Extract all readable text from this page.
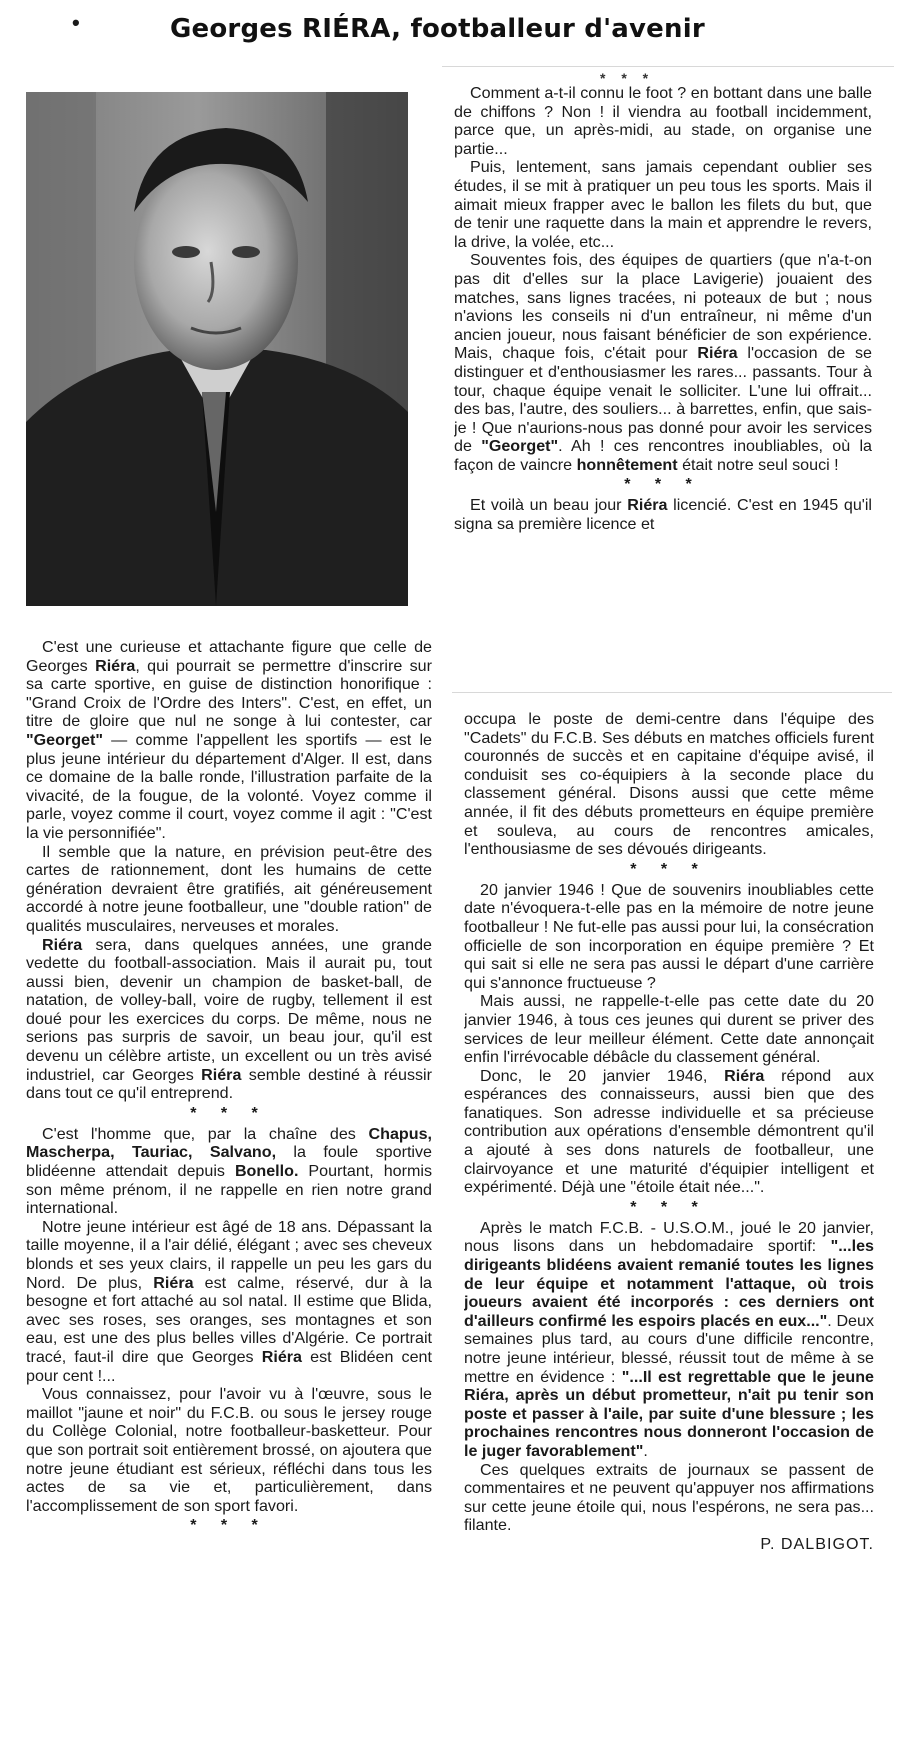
•	Georges RIÉRA, footballeur d'avenir
* * *

C'est une curieuse et attachante figure que celle de Georges Riéra, qui pourrait se permettre d'inscrire sur sa carte sportive, en guise de distinction honorifique : "Grand Croix de l'Ordre des Inters". C'est, en effet, un titre de gloire que nul ne songe à lui contester, car "Georget" — comme l'appellent les sportifs — est le plus jeune intérieur du département d'Alger. Il est, dans ce domaine de la balle ronde, l'illustration parfaite de la vivacité, de la fougue, de la volonté. Voyez comme il parle, voyez comme il court, voyez comme il agit : "C'est la vie personnifiée".

Il semble que la nature, en prévision peut-être des cartes de rationnement, dont les humains de cette génération devraient être gratifiés, ait généreusement accordé à notre jeune footballeur, une "double ration" de qualités musculaires, nerveuses et morales.

Riéra sera, dans quelques années, une grande vedette du football-association. Mais il aurait pu, tout aussi bien, devenir un champion de basket-ball, de natation, de volley-ball, voire de rugby, tellement il est doué pour les exercices du corps. De même, nous ne serions pas surpris de savoir, un beau jour, qu'il est devenu un célèbre artiste, un excellent ou un très avisé industriel, car Georges Riéra semble destiné à réussir dans tout ce qu'il entreprend.

* * *

C'est l'homme que, par la chaîne des Chapus, Mascherpa, Tauriac, Salvano, la foule sportive blidéenne attendait depuis Bonello. Pourtant, hormis son même prénom, il ne rappelle en rien notre grand international.

Notre jeune intérieur est âgé de 18 ans. Dépassant la taille moyenne, il a l'air délié, élégant ; avec ses cheveux blonds et ses yeux clairs, il rappelle un peu les gars du Nord. De plus, Riéra est calme, réservé, dur à la besogne et fort attaché au sol natal. Il estime que Blida, avec ses roses, ses oranges, ses montagnes et son eau, est une des plus belles villes d'Algérie. Ce portrait tracé, faut-il dire que Georges Riéra est Blidéen cent pour cent !...

Vous connaissez, pour l'avoir vu à l'œuvre, sous le maillot "jaune et noir" du F.C.B. ou sous le jersey rouge du Collège Colonial, notre footballeur-basketteur. Pour que son portrait soit entièrement brossé, on ajoutera que notre jeune étudiant est sérieux, réfléchi dans tous les actes de sa vie et, particulièrement, dans l'accomplissement de son sport favori.

* * *

Comment a-t-il connu le foot ? en bottant dans une balle de chiffons ? Non ! il viendra au football incidemment, parce que, un après-midi, au stade, on organise une partie...

Puis, lentement, sans jamais cependant oublier ses études, il se mit à pratiquer un peu tous les sports. Mais il aimait mieux frapper avec le ballon les filets du but, que de tenir une raquette dans la main et apprendre le revers, la drive, la volée, etc...

Souventes fois, des équipes de quartiers (que n'a-t-on pas dit d'elles sur la place Lavigerie) jouaient des matches, sans lignes tracées, ni poteaux de but ; nous n'avions les conseils ni d'un entraîneur, ni même d'un ancien joueur, nous faisant bénéficier de son expérience. Mais, chaque fois, c'était pour Riéra l'occasion de se distinguer et d'enthousiasmer les rares... passants. Tour à tour, chaque équipe venait le solliciter. L'une lui offrait... des bas, l'autre, des souliers... à barrettes, enfin, que sais-je ! Que n'aurions-nous pas donné pour avoir les services de "Georget". Ah ! ces rencontres inoubliables, où la façon de vaincre honnêtement était notre seul souci !

* * *

Et voilà un beau jour Riéra licencié. C'est en 1945 qu'il signa sa première licence et

occupa le poste de demi-centre dans l'équipe des "Cadets" du F.C.B. Ses débuts en matches officiels furent couronnés de succès et en capitaine d'équipe avisé, il conduisit ses co-équipiers à la seconde place du classement général. Disons aussi que cette même année, il fit des débuts prometteurs en équipe première et souleva, au cours de rencontres amicales, l'enthousiasme de ses dévoués dirigeants.

* * *

20 janvier 1946 ! Que de souvenirs inoubliables cette date n'évoquera-t-elle pas en la mémoire de notre jeune footballeur ! Ne fut-elle pas aussi pour lui, la consécration officielle de son incorporation en équipe première ? Et qui sait si elle ne sera pas aussi le départ d'une carrière qui s'annonce fructueuse ?

Mais aussi, ne rappelle-t-elle pas cette date du 20 janvier 1946, à tous ces jeunes qui durent se priver des services de leur meilleur élément. Cette date annonçait enfin l'irrévocable débâcle du classement général.

Donc, le 20 janvier 1946, Riéra répond aux espérances des connaisseurs, aussi bien que des fanatiques. Son adresse individuelle et sa précieuse contribution aux opérations d'ensemble démontrent qu'il a ajouté à ses dons naturels de footballeur, une clairvoyance et une maturité d'équipier intelligent et expérimenté. Déjà une "étoile était née...".

* * *

Après le match F.C.B. - U.S.O.M., joué le 20 janvier, nous lisons dans un hebdomadaire sportif: "...les dirigeants blidéens avaient remanié toutes les lignes de leur équipe et notamment l'attaque, où trois joueurs avaient été incorporés : ces derniers ont d'ailleurs confirmé les espoirs placés en eux...". Deux semaines plus tard, au cours d'une difficile rencontre, notre jeune intérieur, blessé, réussit tout de même à se mettre en évidence : "...Il est regrettable que le jeune Riéra, après un début prometteur, n'ait pu tenir son poste et passer à l'aile, par suite d'une blessure ; les prochaines rencontres nous donneront l'occasion de le juger favorablement".

Ces quelques extraits de journaux se passent de commentaires et ne peuvent qu'appuyer nos affirmations sur cette jeune étoile qui, nous l'espérons, ne sera pas... filante.

P. DALBIGOT.
